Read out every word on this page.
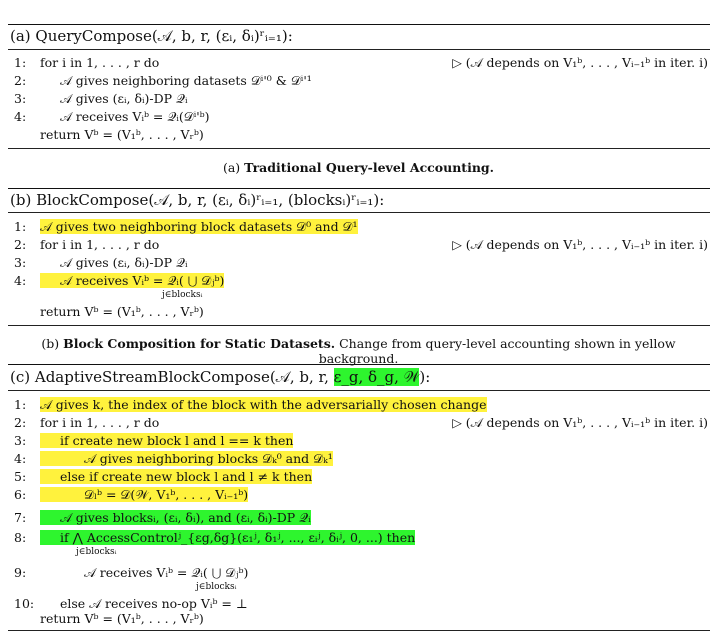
(a) QueryCompose(𝒜, b, r, (εᵢ, δᵢ)ʳᵢ₌₁):
1: for i in 1, . . . , r do	▷ (𝒜 depends on V₁ᵇ, . . . , Vᵢ₋₁ᵇ in iter. i)
2:	𝒜 gives neighboring datasets 𝒟ⁱ'⁰ & 𝒟ⁱ'¹
3:	𝒜 gives (εᵢ, δᵢ)-DP 𝒬ᵢ
4:	𝒜 receives Vᵢᵇ = 𝒬ᵢ(𝒟ⁱ'ᵇ)
return Vᵇ = (V₁ᵇ, . . . , Vᵣᵇ)
(a) Traditional Query-level Accounting.
(b) BlockCompose(𝒜, b, r, (εᵢ, δᵢ)ʳᵢ₌₁, (blocksᵢ)ʳᵢ₌₁):
1: 𝒜 gives two neighboring block datasets 𝒟⁰ and 𝒟¹
2: for i in 1, . . . , r do	▷ (𝒜 depends on V₁ᵇ, . . . , Vᵢ₋₁ᵇ in iter. i)
3:	𝒜 gives (εᵢ, δᵢ)-DP 𝒬ᵢ
4:	𝒜 receives Vᵢᵇ = 𝒬ᵢ( ⋃ 𝒟ⱼᵇ)
j∈blocksᵢ
return Vᵇ = (V₁ᵇ, . . . , Vᵣᵇ)
(b) Block Composition for Static Datasets. Change from query-level accounting shown in yellow background.
(c) AdaptiveStreamBlockCompose(𝒜, b, r, ε_g, δ_g, 𝒲):
1: 𝒜 gives k, the index of the block with the adversarially chosen change
2: for i in 1, . . . , r do	▷ (𝒜 depends on V₁ᵇ, . . . , Vᵢ₋₁ᵇ in iter. i)
3:	if create new block l and l == k then
4:	𝒜 gives neighboring blocks 𝒟ₖ⁰ and 𝒟ₖ¹
5:	else if create new block l and l ≠ k then
6:	𝒟ₗᵇ = 𝒟(𝒲, V₁ᵇ, . . . , Vᵢ₋₁ᵇ)
7:	𝒜 gives blocksᵢ, (εᵢ, δᵢ), and (εᵢ, δᵢ)-DP 𝒬ᵢ
8:	if ⋀ AccessControlʲ_{εg,δg}(ε₁ʲ, δ₁ʲ, ..., εᵢʲ, δᵢʲ, 0, ...) then
j∈blocksᵢ
9:	𝒜 receives Vᵢᵇ = 𝒬ᵢ( ⋃ 𝒟ⱼᵇ)
j∈blocksᵢ
10: else 𝒜 receives no-op Vᵢᵇ = ⊥
return Vᵇ = (V₁ᵇ, . . . , Vᵣᵇ)
